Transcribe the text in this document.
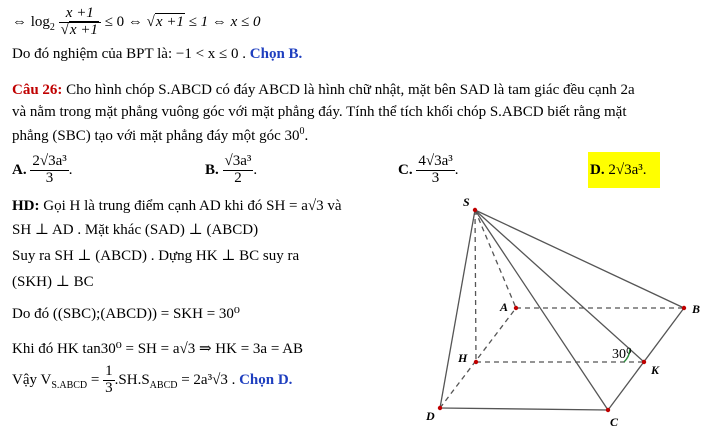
⇔ $\log_2 \frac{x +1}{√x +1} \le 0$ ⇔ √x +1 ≤ 1 ⇔ x ≤ 0
Do đó nghiệm của BPT là: −1 < x ≤ 0 . Chọn B.
Câu 26: Cho hình chóp S.ABCD có đáy ABCD là hình chữ nhật, mặt bên SAD là tam giác đều cạnh 2a
và nằm trong mặt phẳng vuông góc với mặt phẳng đáy. Tính thể tích khối chóp S.ABCD biết rằng mặt
phẳng (SBC) tạo với mặt phẳng đáy một góc $30^0$.
A. $\frac{\text{2√3a³}}{3}$ .	B. $\frac{\text{√3a³}}{2}$ .	C. $\frac{\text{4√3a³}}{3}$ .	D. 2√3a³.
HD: Gọi H là trung điểm cạnh AD khi đó SH = a√3 và
SH ⊥ AD . Mặt khác (SAD) ⊥ (ABCD)
Suy ra SH ⊥ (ABCD) . Dựng HK ⊥ BC suy ra
(SKH) ⊥ BC
Do đó ((SBC);(ABCD)) = SKH = 30⁰
Khi đó HK tan30⁰ = SH = a√3 ⇒ HK = 3a = AB
Vậy $V_{S.ABCD} = \frac{1}{3} .SH.S_{ABCD} = 2a^3√3$ . Chọn D.
S
A	B
C
D
H
K
30⁰
